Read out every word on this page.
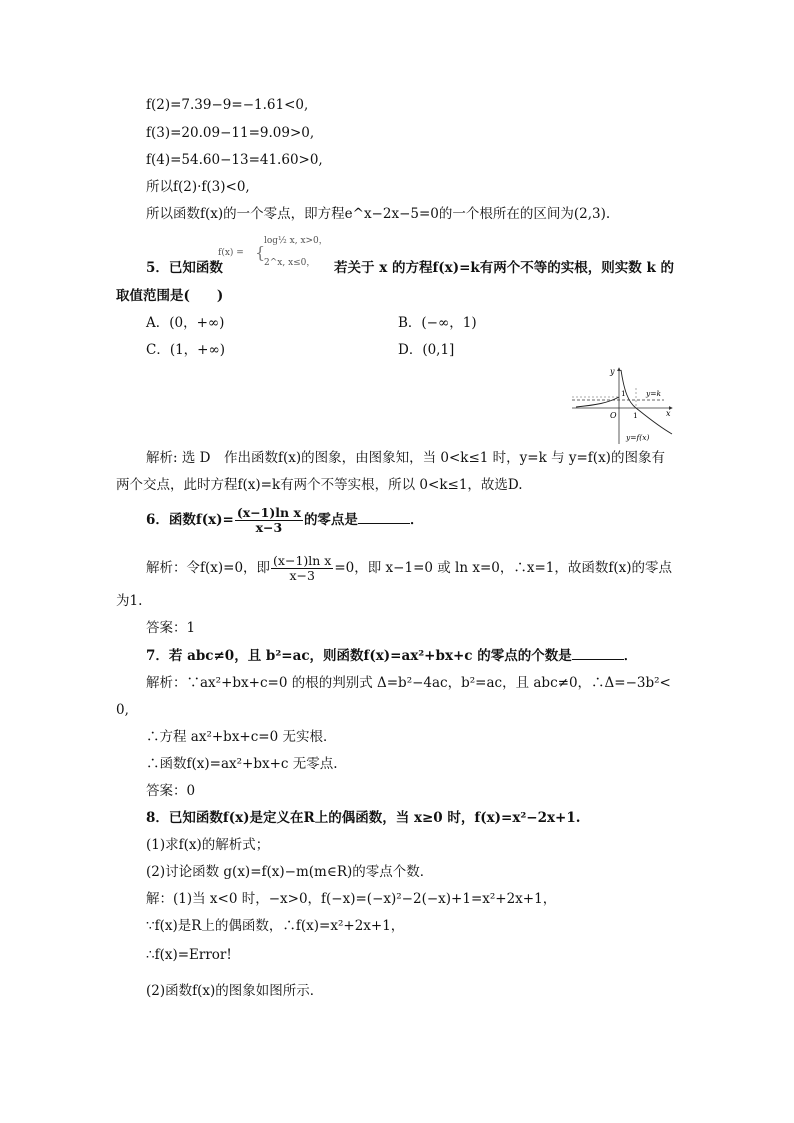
f(2)=7.39−9=−1.61<0,
f(3)=20.09−11=9.09>0,
f(4)=54.60−13=41.60>0,
所以f(2)·f(3)<0,
所以函数f(x)的一个零点，即方程e^x−2x−5=0的一个根所在的区间为(2,3).
5．已知函数
f(x) = {
log½ x, x>0，
2^x, x≤0， 若关于 x 的方程f(x)=k有两个不等的实根，则实数 k 的
取值范围是(　　)
A．(0，+∞)	B．(−∞，1)
C．(1，+∞)	D．(0,1]
y
x
O
1
1
y=k
y=f(x)
解析: 选 D　作出函数f(x)的图象，由图象知，当 0<k≤1 时，y=k 与 y=f(x)的图象有
两个交点，此时方程f(x)=k有两个不等实根，所以 0<k≤1，故选D.
6．函数$f(x)= \frac{\text{(x−1)ln x}}{x-3}$ 的零点是	．
解析：令f(x)=0，即 $\frac{\text{(x−1)ln x}}{x-3} =0$，即 x−1=0 或 ln x=0，∴x=1，故函数f(x)的零点
为1.
答案：1
7．若 abc≠0，且 b²=ac，则函数f(x)=ax²+bx+c 的零点的个数是	．
解析：∵ax²+bx+c=0 的根的判别式 Δ=b²−4ac，b²=ac，且 abc≠0，∴Δ=−3b²<
0,
∴方程 ax²+bx+c=0 无实根．
∴函数f(x)=ax²+bx+c 无零点.
答案：0
8．已知函数f(x)是定义在R上的偶函数，当 x≥0 时，f(x)=x²−2x+1.
(1)求f(x)的解析式；
(2)讨论函数 g(x)=f(x)−m(m∈R)的零点个数．
解：(1)当 x<0 时，−x>0，f(−x)=(−x)²−2(−x)+1=x²+2x+1，
∵f(x)是R上的偶函数，∴f(x)=x²+2x+1，
∴f(x)=Error!
(2)函数f(x)的图象如图所示．
